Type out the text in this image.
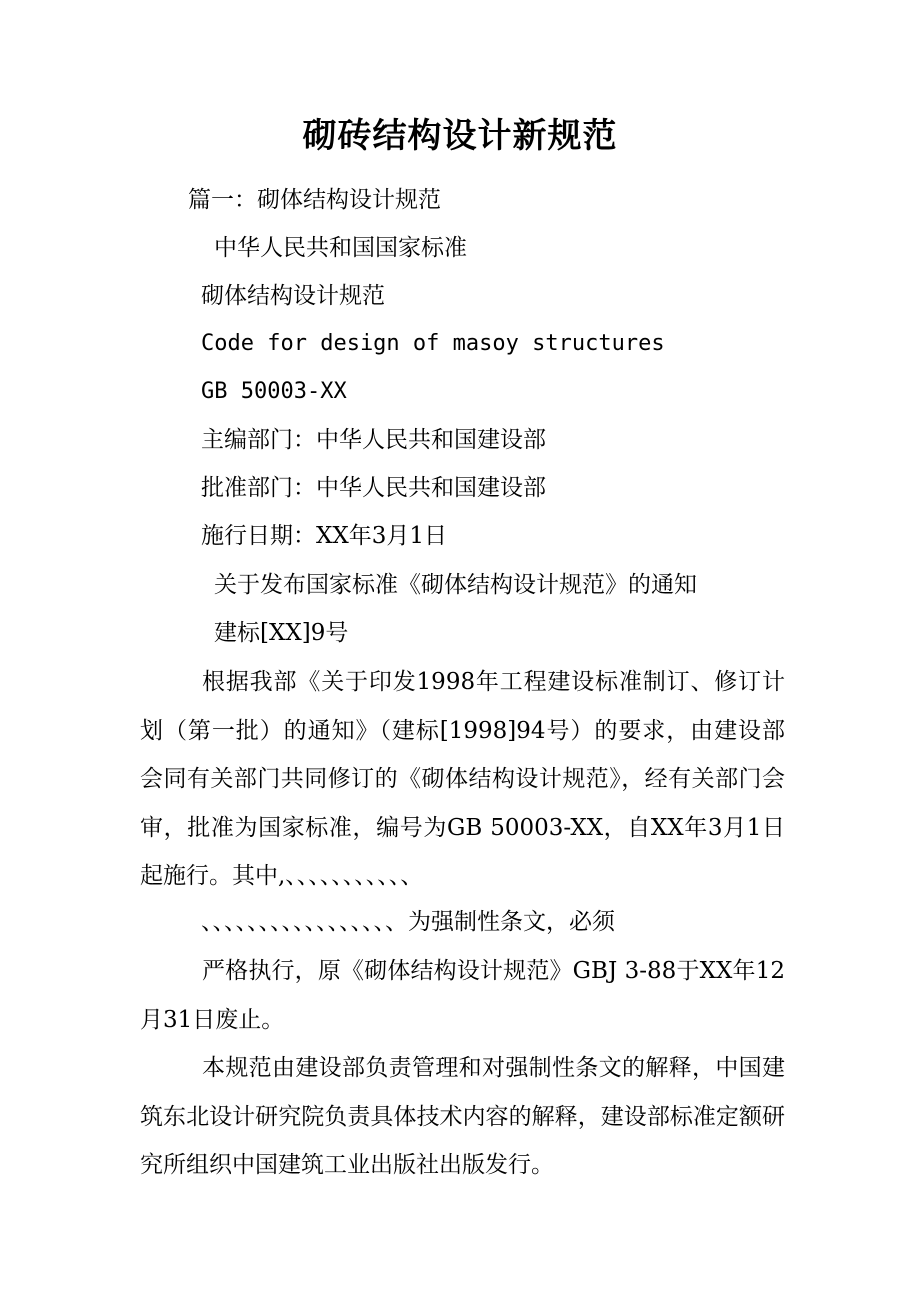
砌砖结构设计新规范
篇一：砌体结构设计规范
中华人民共和国国家标准
砌体结构设计规范
Code for design of masoy structures
GB 50003-XX
主编部门：中华人民共和国建设部
批准部门：中华人民共和国建设部
施行日期：XX年3月1日
关于发布国家标准《砌体结构设计规范》的通知
建标[XX]9号
根据我部《关于印发1998年工程建设标准制订、修订计划（第一批）的通知》（建标[1998]94号）的要求，由建设部会同有关部门共同修订的《砌体结构设计规范》，经有关部门会审，批准为国家标准，编号为GB 50003-XX，自XX年3月1日起施行。其中,、、、、、、、、、、、
、、、、、、、、、、、、、、、、、为强制性条文，必须
严格执行，原《砌体结构设计规范》GBJ 3-88于XX年12月31日废止。
本规范由建设部负责管理和对强制性条文的解释，中国建筑东北设计研究院负责具体技术内容的解释，建设部标准定额研究所组织中国建筑工业出版社出版发行。
